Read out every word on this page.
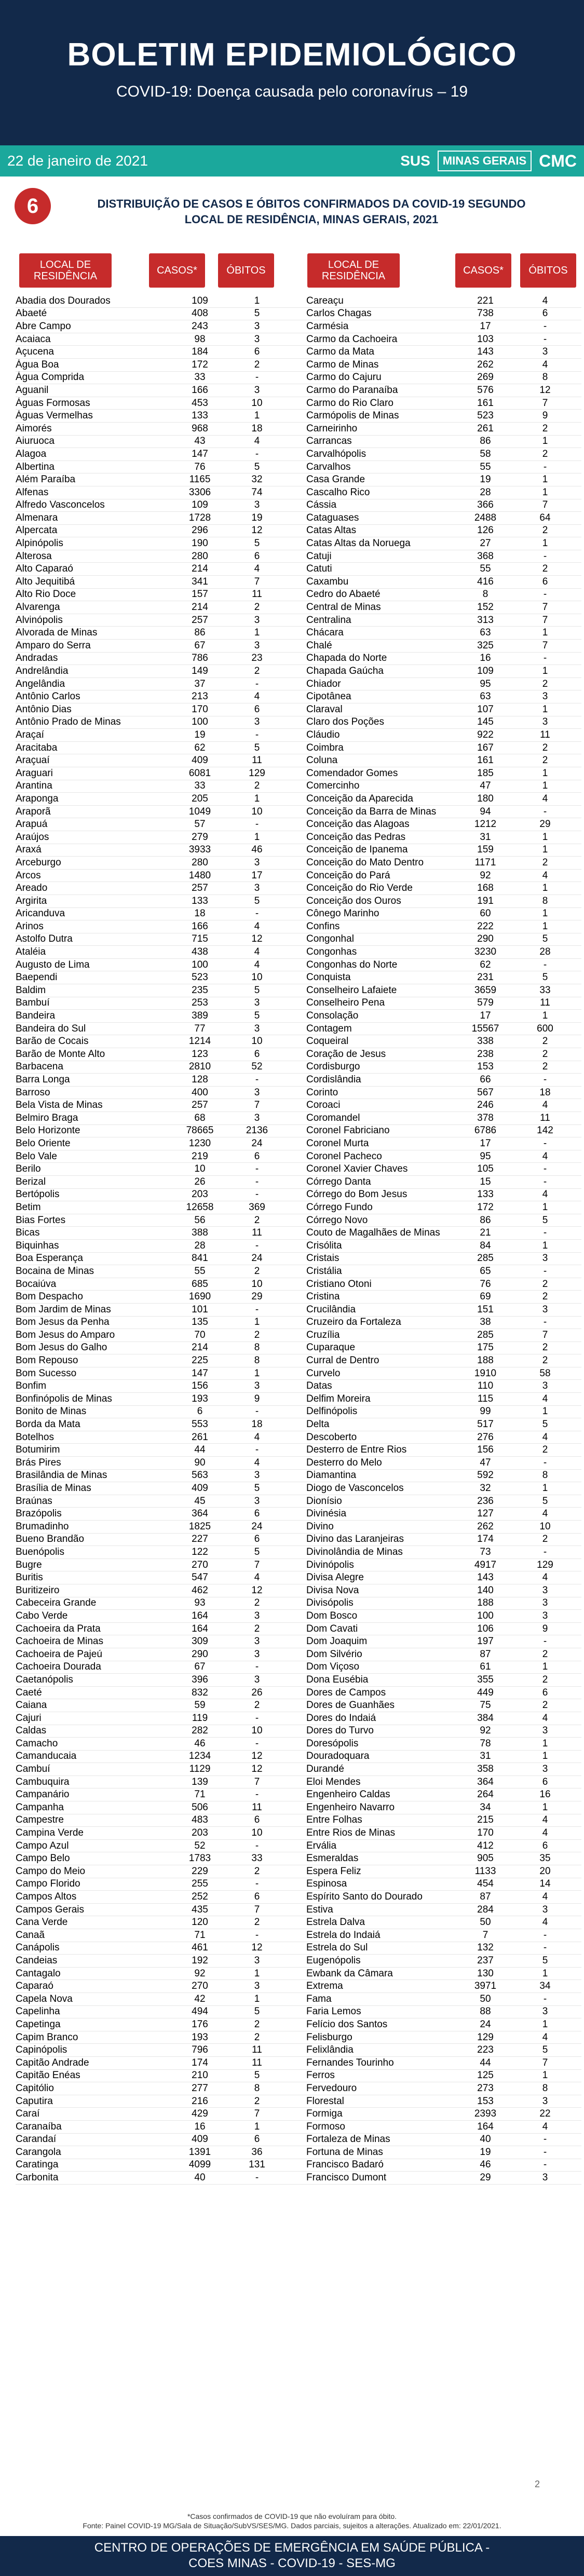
BOLETIM EPIDEMIOLÓGICO
COVID-19: Doença causada pelo coronavírus – 19
22 de janeiro de 2021	SUS	MINAS GERAIS CMC
6	DISTRIBUIÇÃO DE CASOS E ÓBITOS CONFIRMADOS DA COVID-19 SEGUNDO LOCAL DE RESIDÊNCIA, MINAS GERAIS, 2021
LOCAL DE RESIDÊNCIA	CASOS*	ÓBITOS	LOCAL DE RESIDÊNCIA	CASOS*	ÓBITOS
Abadia dos Dourados	109	1
Abaeté	408	5
Abre Campo	243	3
Acaiaca	98	3
Açucena	184	6
Água Boa	172	2
Água Comprida	33	-
Aguanil	166	3
Águas Formosas	453	10
Águas Vermelhas	133	1
Aimorés	968	18
Aiuruoca	43	4
Alagoa	147	-
Albertina	76	5
Além Paraíba	1165	32
Alfenas	3306	74
Alfredo Vasconcelos	109	3
Almenara	1728	19
Alpercata	296	12
Alpinópolis	190	5
Alterosa	280	6
Alto Caparaó	214	4
Alto Jequitibá	341	7
Alto Rio Doce	157	11
Alvarenga	214	2
Alvinópolis	257	3
Alvorada de Minas	86	1
Amparo do Serra	67	3
Andradas	786	23
Andrelândia	149	2
Angelândia	37	-
Antônio Carlos	213	4
Antônio Dias	170	6
Antônio Prado de Minas	100	3
Araçaí	19	-
Aracitaba	62	5
Araçuaí	409	11
Araguari	6081	129
Arantina	33	2
Araponga	205	1
Araporã	1049	10
Arapuá	57	-
Araújos	279	1
Araxá	3933	46
Arceburgo	280	3
Arcos	1480	17
Areado	257	3
Argirita	133	5
Aricanduva	18	-
Arinos	166	4
Astolfo Dutra	715	12
Ataléia	438	4
Augusto de Lima	100	4
Baependi	523	10
Baldim	235	5
Bambuí	253	3
Bandeira	389	5
Bandeira do Sul	77	3
Barão de Cocais	1214	10
Barão de Monte Alto	123	6
Barbacena	2810	52
Barra Longa	128	-
Barroso	400	3
Bela Vista de Minas	257	7
Belmiro Braga	68	3
Belo Horizonte	78665	2136
Belo Oriente	1230	24
Belo Vale	219	6
Berilo	10	-
Berizal	26	-
Bertópolis	203	-
Betim	12658	369
Bias Fortes	56	2
Bicas	388	11
Biquinhas	28	-
Boa Esperança	841	24
Bocaina de Minas	55	2
Bocaiúva	685	10
Bom Despacho	1690	29
Bom Jardim de Minas	101	-
Bom Jesus da Penha	135	1
Bom Jesus do Amparo	70	2
Bom Jesus do Galho	214	8
Bom Repouso	225	8
Bom Sucesso	147	1
Bonfim	156	3
Bonfinópolis de Minas	193	9
Bonito de Minas	6	-
Borda da Mata	553	18
Botelhos	261	4
Botumirim	44	-
Brás Pires	90	4
Brasilândia de Minas	563	3
Brasília de Minas	409	5
Braúnas	45	3
Brazópolis	364	6
Brumadinho	1825	24
Bueno Brandão	227	6
Buenópolis	122	5
Bugre	270	7
Buritis	547	4
Buritizeiro	462	12
Cabeceira Grande	93	2
Cabo Verde	164	3
Cachoeira da Prata	164	2
Cachoeira de Minas	309	3
Cachoeira de Pajeú	290	3
Cachoeira Dourada	67	-
Caetanópolis	396	3
Caeté	832	26
Caiana	59	2
Cajuri	119	-
Caldas	282	10
Camacho	46	-
Camanducaia	1234	12
Cambuí	1129	12
Cambuquira	139	7
Campanário	71	-
Campanha	506	11
Campestre	483	6
Campina Verde	203	10
Campo Azul	52	-
Campo Belo	1783	33
Campo do Meio	229	2
Campo Florido	255	-
Campos Altos	252	6
Campos Gerais	435	7
Cana Verde	120	2
Canaã	71	-
Canápolis	461	12
Candeias	192	3
Cantagalo	92	1
Caparaó	270	3
Capela Nova	42	1
Capelinha	494	5
Capetinga	176	2
Capim Branco	193	2
Capinópolis	796	11
Capitão Andrade	174	11
Capitão Enéas	210	5
Capitólio	277	8
Caputira	216	2
Caraí	429	7
Caranaíba	16	1
Carandaí	409	6
Carangola	1391	36
Caratinga	4099	131
Carbonita	40	-
Careaçu	221	4
Carlos Chagas	738	6
Carmésia	17	-
Carmo da Cachoeira	103	-
Carmo da Mata	143	3
Carmo de Minas	262	4
Carmo do Cajuru	269	8
Carmo do Paranaíba	576	12
Carmo do Rio Claro	161	7
Carmópolis de Minas	523	9
Carneirinho	261	2
Carrancas	86	1
Carvalhópolis	58	2
Carvalhos	55	-
Casa Grande	19	1
Cascalho Rico	28	1
Cássia	366	7
Cataguases	2488	64
Catas Altas	126	2
Catas Altas da Noruega	27	1
Catuji	368	-
Catuti	55	2
Caxambu	416	6
Cedro do Abaeté	8	-
Central de Minas	152	7
Centralina	313	7
Chácara	63	1
Chalé	325	7
Chapada do Norte	16	-
Chapada Gaúcha	109	1
Chiador	95	2
Cipotânea	63	3
Claraval	107	1
Claro dos Poções	145	3
Cláudio	922	11
Coimbra	167	2
Coluna	161	2
Comendador Gomes	185	1
Comercinho	47	1
Conceição da Aparecida	180	4
Conceição da Barra de Minas	94	-
Conceição das Alagoas	1212	29
Conceição das Pedras	31	1
Conceição de Ipanema	159	1
Conceição do Mato Dentro	1171	2
Conceição do Pará	92	4
Conceição do Rio Verde	168	1
Conceição dos Ouros	191	8
Cônego Marinho	60	1
Confins	222	1
Congonhal	290	5
Congonhas	3230	28
Congonhas do Norte	62	-
Conquista	231	5
Conselheiro Lafaiete	3659	33
Conselheiro Pena	579	11
Consolação	17	1
Contagem	15567	600
Coqueiral	338	2
Coração de Jesus	238	2
Cordisburgo	153	2
Cordislândia	66	-
Corinto	567	18
Coroaci	246	4
Coromandel	378	11
Coronel Fabriciano	6786	142
Coronel Murta	17	-
Coronel Pacheco	95	4
Coronel Xavier Chaves	105	-
Córrego Danta	15	-
Córrego do Bom Jesus	133	4
Córrego Fundo	172	1
Córrego Novo	86	5
Couto de Magalhães de Minas	21	-
Crisólita	84	1
Cristais	285	3
Cristália	65	-
Cristiano Otoni	76	2
Cristina	69	2
Crucilândia	151	3
Cruzeiro da Fortaleza	38	-
Cruzília	285	7
Cuparaque	175	2
Curral de Dentro	188	2
Curvelo	1910	58
Datas	110	3
Delfim Moreira	115	4
Delfinópolis	99	1
Delta	517	5
Descoberto	276	4
Desterro de Entre Rios	156	2
Desterro do Melo	47	-
Diamantina	592	8
Diogo de Vasconcelos	32	1
Dionísio	236	5
Divinésia	127	4
Divino	262	10
Divino das Laranjeiras	174	2
Divinolândia de Minas	73	-
Divinópolis	4917	129
Divisa Alegre	143	4
Divisa Nova	140	3
Divisópolis	188	3
Dom Bosco	100	3
Dom Cavati	106	9
Dom Joaquim	197	-
Dom Silvério	87	2
Dom Viçoso	61	1
Dona Eusébia	355	2
Dores de Campos	449	6
Dores de Guanhães	75	2
Dores do Indaiá	384	4
Dores do Turvo	92	3
Doresópolis	78	1
Douradoquara	31	1
Durandé	358	3
Eloi Mendes	364	6
Engenheiro Caldas	264	16
Engenheiro Navarro	34	1
Entre Folhas	215	4
Entre Rios de Minas	170	4
Ervália	412	6
Esmeraldas	905	35
Espera Feliz	1133	20
Espinosa	454	14
Espírito Santo do Dourado	87	4
Estiva	284	3
Estrela Dalva	50	4
Estrela do Indaiá	7	-
Estrela do Sul	132	-
Eugenópolis	237	5
Ewbank da Câmara	130	1
Extrema	3971	34
Fama	50	-
Faria Lemos	88	3
Felício dos Santos	24	1
Felisburgo	129	4
Felixlândia	223	5
Fernandes Tourinho	44	7
Ferros	125	1
Fervedouro	273	8
Florestal	153	3
Formiga	2393	22
Formoso	164	4
Fortaleza de Minas	40	-
Fortuna de Minas	19	-
Francisco Badaró	46	-
Francisco Dumont	29	3
2
*Casos confirmados de COVID-19 que não evoluíram para óbito.
Fonte: Painel COVID-19 MG/Sala de Situação/SubVS/SES/MG. Dados parciais, sujeitos a alterações. Atualizado em: 22/01/2021.
CENTRO DE OPERAÇÕES DE EMERGÊNCIA EM SAÚDE PÚBLICA -
COES MINAS - COVID-19 - SES-MG
